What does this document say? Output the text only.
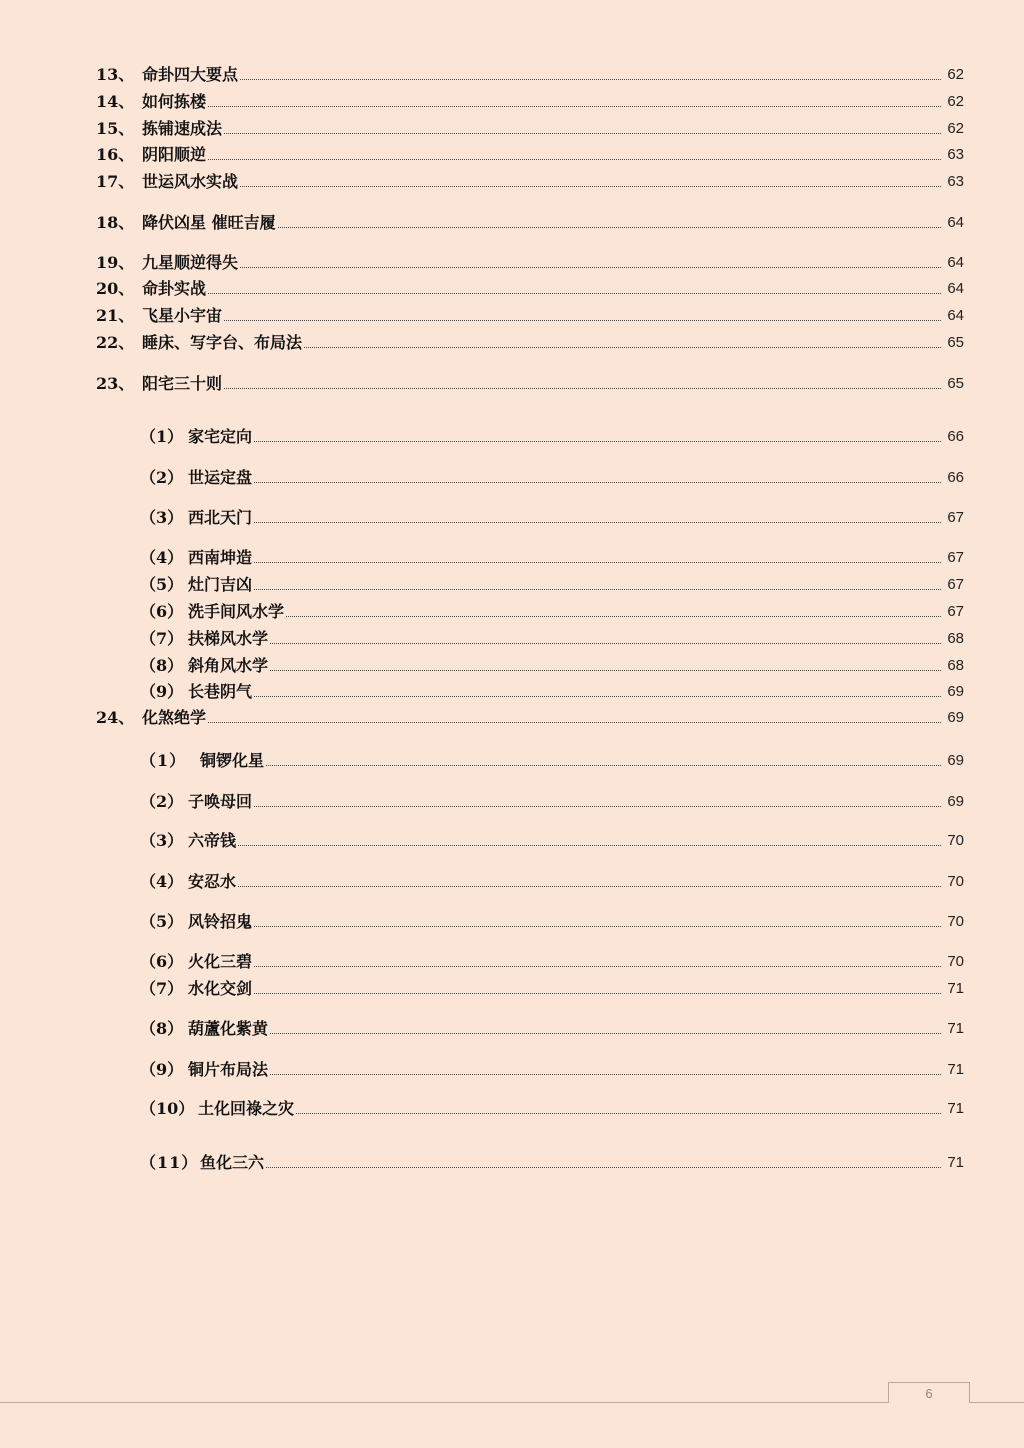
13、 命卦四大要点	62
14、 如何拣楼	62
15、 拣铺速成法	62
16、 阴阳顺逆	63
17、 世运风水实战	63
18、 降伏凶星 催旺吉履	64
19、 九星顺逆得失	64
20、 命卦实战	64
21、 飞星小宇宙	64
22、 睡床、写字台、布局法	65
23、 阳宅三十则	65
（1） 家宅定向	66
（2） 世运定盘	66
（3） 西北天门	67
（4） 西南坤造	67
（5） 灶门吉凶	67
（6） 洗手间风水学	67
（7） 扶梯风水学	68
（8） 斜角风水学	68
（9） 长巷阴气	69
24、 化煞绝学	69
（1） 铜锣化星	69
（2） 子唤母回	69
（3） 六帝钱	70
（4） 安忍水	70
（5） 风铃招鬼	70
（6） 火化三碧	70
（7） 水化交剑	71
（8） 葫蘆化紫黄	71
（9） 铜片布局法	71
（10） 土化回祿之灾	71
（11） 鱼化三六	71
6
